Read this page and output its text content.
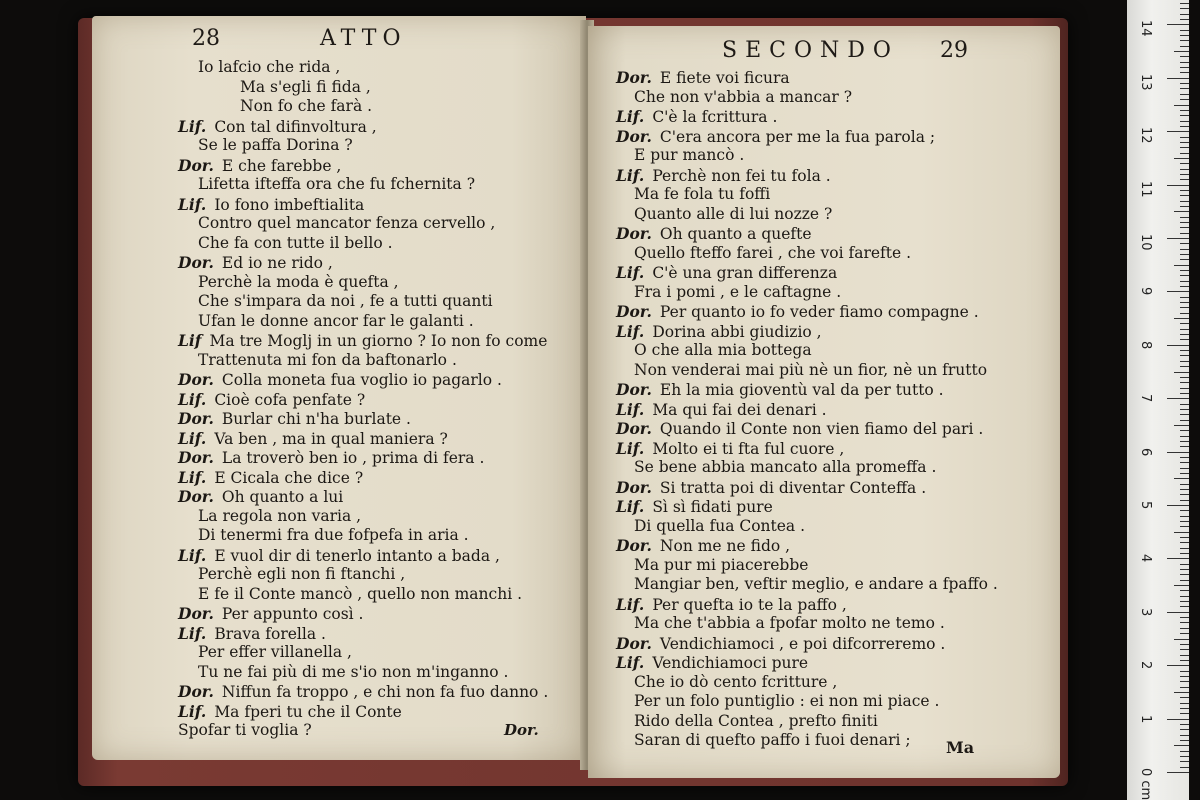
28	ATTO
Io lafcio che rida ,
Ma s'egli fi fida ,
Non fo che farà .
Lif. Con tal difinvoltura ,
Se le paffa Dorina ?
Dor. E che farebbe ,
Lifetta ifteffa ora che fu fchernita ?
Lif. Io fono imbeftialita
Contro quel mancator fenza cervello ,
Che fa con tutte il bello .
Dor. Ed io ne rido ,
Perchè la moda è quefta ,
Che s'impara da noi , fe a tutti quanti
Ufan le donne ancor far le galanti .
Lif Ma tre Moglj in un giorno ? Io non fo come
Trattenuta mi fon da baftonarlo .
Dor. Colla moneta fua voglio io pagarlo .
Lif. Cioè cofa penfate ?
Dor. Burlar chi n'ha burlate .
Lif. Va ben , ma in qual maniera ?
Dor. La troverò ben io , prima di fera .
Lif. E Cicala che dice ?
Dor. Oh quanto a lui
La regola non varia ,
Di tenermi fra due fofpefa in aria .
Lif. E vuol dir di tenerlo intanto a bada ,
Perchè egli non fi ftanchi ,
E fe il Conte mancò , quello non manchi .
Dor. Per appunto così .
Lif. Brava forella .
Per effer villanella ,
Tu ne fai più di me s'io non m'inganno .
Dor. Niffun fa troppo , e chi non fa fuo danno .
Lif. Ma fperi tu che il Conte
Spofar ti voglia ?	Dor.
SECONDO 29
Dor. E fiete voi ficura
Che non v'abbia a mancar ?
Lif. C'è la fcrittura .
Dor. C'era ancora per me la fua parola ;
E pur mancò .
Lif. Perchè non fei tu fola .
Ma fe fola tu foffi
Quanto alle di lui nozze ?
Dor. Oh quanto a quefte
Quello fteffo farei , che voi farefte .
Lif. C'è una gran differenza
Fra i pomi , e le caftagne .
Dor. Per quanto io fo veder fiamo compagne .
Lif. Dorina abbi giudizio ,
O che alla mia bottega
Non venderai mai più nè un fior, nè un frutto
Dor. Eh la mia gioventù val da per tutto .
Lif. Ma qui fai dei denari .
Dor. Quando il Conte non vien fiamo del pari .
Lif. Molto ei ti fta ful cuore ,
Se bene abbia mancato alla promeffa .
Dor. Si tratta poi di diventar Conteffa .
Lif. Sì sì fidati pure
Di quella fua Contea .
Dor. Non me ne fido ,
Ma pur mi piacerebbe
Mangiar ben, veftir meglio, e andare a fpaffo .
Lif. Per quefta io te la paffo ,
Ma che t'abbia a fpofar molto ne temo .
Dor. Vendichiamoci , e poi difcorreremo .
Lif. Vendichiamoci pure
Che io dò cento fcritture ,
Per un folo puntiglio : ei non mi piace .
Rido della Contea , prefto finiti
Saran di quefto paffo i fuoi denari ;	Ma
0 cm
1
2
3
4
5
6
7
8
9
10
11
12
13
14
